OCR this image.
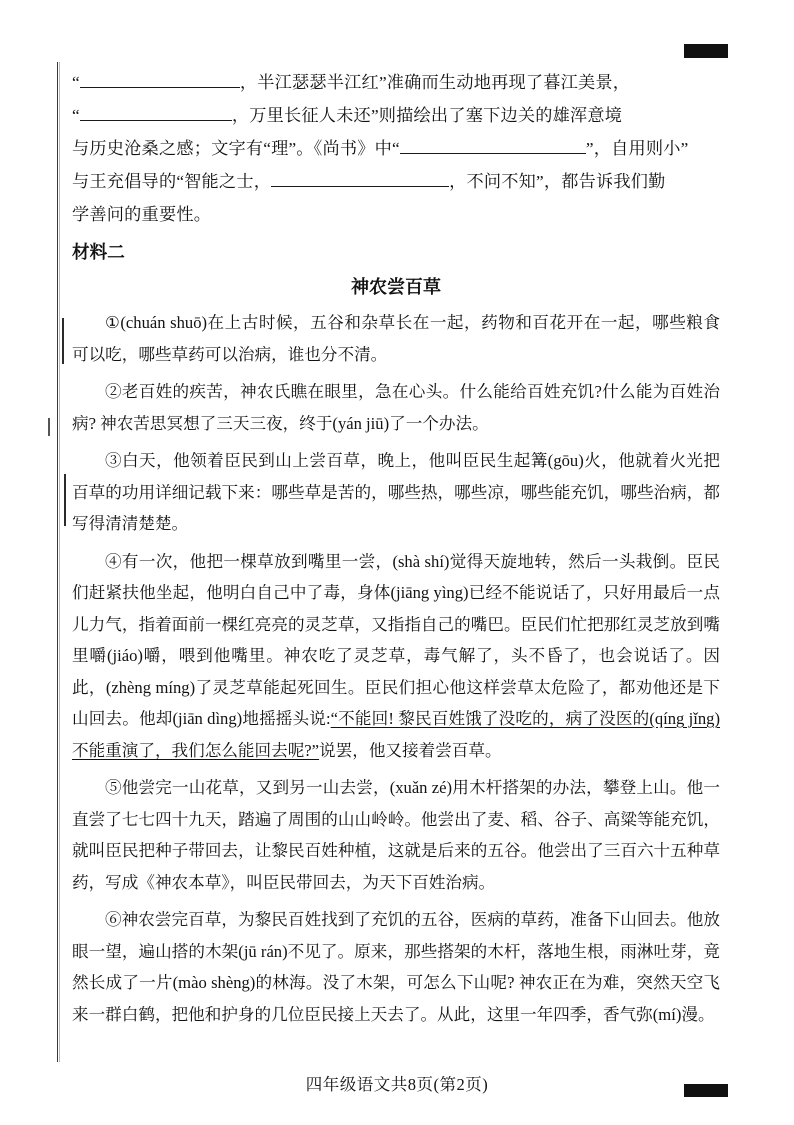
“	，半江瑟瑟半江红”准确而生动地再现了暮江美景，

“	，万里长征人未还”则描绘出了塞下边关的雄浑意境

与历史沧桑之感；文字有“理”。《尚书》中“	”，自用则小”

与王充倡导的“智能之士，	，不问不知”，都告诉我们勤

学善问的重要性。

材料二

神农尝百草

①(chuán shuō)在上古时候，五谷和杂草长在一起，药物和百花开在一起，哪些粮食可以吃，哪些草药可以治病，谁也分不清。

②老百姓的疾苦，神农氏瞧在眼里，急在心头。什么能给百姓充饥?什么能为百姓治病? 神农苦思冥想了三天三夜，终于(yán jiū)了一个办法。

③白天，他领着臣民到山上尝百草，晚上，他叫臣民生起篝(gōu)火，他就着火光把百草的功用详细记载下来：哪些草是苦的，哪些热，哪些凉，哪些能充饥，哪些治病，都写得清清楚楚。

④有一次，他把一棵草放到嘴里一尝，(shà shí)觉得天旋地转，然后一头栽倒。臣民们赶紧扶他坐起，他明白自己中了毒，身体(jiāng yìng)已经不能说话了，只好用最后一点儿力气，指着面前一棵红亮亮的灵芝草，又指指自己的嘴巴。臣民们忙把那红灵芝放到嘴里嚼(jiáo)嚼，喂到他嘴里。神农吃了灵芝草，毒气解了，头不昏了，也会说话了。因此，(zhèng míng)了灵芝草能起死回生。臣民们担心他这样尝草太危险了，都劝他还是下山回去。他却(jiān dìng)地摇摇头说:“不能回! 黎民百姓饿了没吃的，病了没医的(qíng jǐng)不能重演了，我们怎么能回去呢?”说罢，他又接着尝百草。

⑤他尝完一山花草，又到另一山去尝，(xuǎn zé)用木杆搭架的办法，攀登上山。他一直尝了七七四十九天，踏遍了周围的山山岭岭。他尝出了麦、稻、谷子、高粱等能充饥，就叫臣民把种子带回去，让黎民百姓种植，这就是后来的五谷。他尝出了三百六十五种草药，写成《神农本草》，叫臣民带回去，为天下百姓治病。

⑥神农尝完百草，为黎民百姓找到了充饥的五谷，医病的草药，准备下山回去。他放眼一望，遍山搭的木架(jū rán)不见了。原来，那些搭架的木杆，落地生根，雨淋吐芽，竟然长成了一片(mào shèng)的林海。没了木架，可怎么下山呢? 神农正在为难，突然天空飞来一群白鹤，把他和护身的几位臣民接上天去了。从此，这里一年四季，香气弥(mí)漫。

四年级语文共8页(第2页)
